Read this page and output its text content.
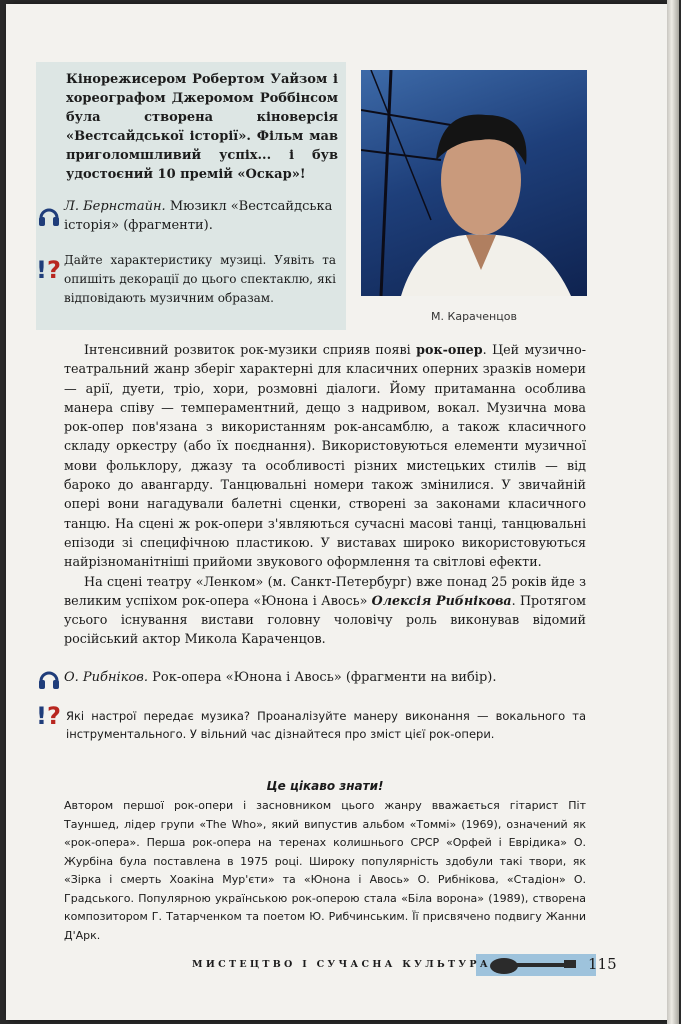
Кінорежисером Робертом Уайзом і хореографом Джеромом Роббінсом була створена кіноверсія «Вестсайдської історії». Фільм мав приголомшливий успіх... і був удостоєний 10 премій «Оскар»!
Л. Бернстайн. Мюзикл «Вестсайдська історія» (фрагменти).
!? Дайте характеристику музиці. Уявіть та опишіть декорації до цього спектаклю, які відповідають музичним образам.
М. Караченцов

Інтенсивний розвиток рок-музики сприяв появі рок-опер. Цей музично-театральний жанр зберіг характерні для класичних оперних зразків номери — арії, дуети, тріо, хори, розмовні діалоги. Йому притаманна особлива манера співу — темпераментний, дещо з надривом, вокал. Музична мова рок-опер пов'язана з використанням рок-ансамблю, а також класичного складу оркестру (або їх поєднання). Використовуються елементи музичної мови фольклору, джазу та особливості різних мистецьких стилів — від бароко до авангарду. Танцювальні номери також змінилися. У звичайній опері вони нагадували балетні сценки, створені за законами класичного танцю. На сцені ж рок-опери з'являються сучасні масові танці, танцювальні епізоди зі специфічною пластикою. У виставах широко використовуються найрізноманітніші прийоми звукового оформлення та світлові ефекти.

На сцені театру «Ленком» (м. Санкт-Петербург) вже понад 25 років йде з великим успіхом рок-опера «Юнона і Авось» Олексія Рибнікова. Протягом усього існування вистави головну чоловічу роль виконував відомий російський актор Микола Караченцов.

О. Рибніков. Рок-опера «Юнона і Авось» (фрагменти на вибір).
!? Які настрої передає музика? Проаналізуйте манеру виконання — вокального та інструментального. У вільний час дізнайтеся про зміст цієї рок-опери.
Це цікаво знати!
Автором першої рок-опери і засновником цього жанру вважається гітарист Піт Тауншед, лідер групи «The Who», який випустив альбом «Томмі» (1969), означений як «рок-опера». Перша рок-опера на теренах колишнього СРСР «Орфей і Еврідика» О. Журбіна була поставлена в 1975 році. Широку популярність здобули такі твори, як «Зірка і смерть Хоакіна Мур'єти» та «Юнона і Авось» О. Рибнікова, «Стадіон» О. Градського. Популярною українською рок-оперою стала «Біла ворона» (1989), створена композитором Г. Татарченком та поетом Ю. Рибчинським. Її присвячено подвигу Жанни Д'Арк.
МИСТЕЦТВО І СУЧАСНА КУЛЬТУРА	115
